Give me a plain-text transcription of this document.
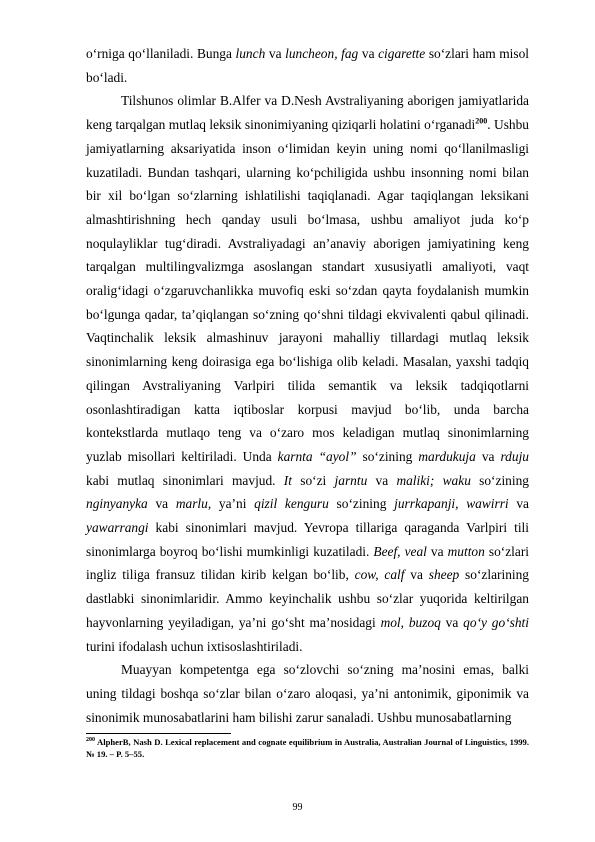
o‘rniga qo‘llaniladi. Bunga lunch va luncheon, fag va cigarette so‘zlari ham misol bo‘ladi.

Tilshunos olimlar B.Alfer va D.Nesh Avstraliyaning aborigen jamiyatlarida keng tarqalgan mutlaq leksik sinonimiyaning qiziqarli holatini o‘rganadi$^{200}$. Ushbu jamiyatlarning aksariyatida inson o‘limidan keyin uning nomi qo‘llanilmasligi kuzatiladi. Bundan tashqari, ularning ko‘pchiligida ushbu insonning nomi bilan bir xil bo‘lgan so‘zlarning ishlatilishi taqiqlanadi. Agar taqiqlangan leksikani almashtirishning hech qanday usuli bo‘lmasa, ushbu amaliyot juda ko‘p noqulayliklar tug‘diradi. Avstraliyadagi an’anaviy aborigen jamiyatining keng tarqalgan multilingvalizmga asoslangan standart xususiyatli amaliyoti, vaqt oralig‘idagi o‘zgaruvchanlikka muvofiq eski so‘zdan qayta foydalanish mumkin bo‘lgunga qadar, ta’qiqlangan so‘zning qo‘shni tildagi ekvivalenti qabul qilinadi. Vaqtinchalik leksik almashinuv jarayoni mahalliy tillardagi mutlaq leksik sinonimlarning keng doirasiga ega bo‘lishiga olib keladi. Masalan, yaxshi tadqiq qilingan Avstraliyaning Varlpiri tilida semantik va leksik tadqiqotlarni osonlashtiradigan katta iqtiboslar korpusi mavjud bo‘lib, unda barcha kontekstlarda mutlaqo teng va o‘zaro mos keladigan mutlaq sinonimlarning yuzlab misollari keltiriladi. Unda karnta “ayol” so‘zining mardukuja va rduju kabi mutlaq sinonimlari mavjud. It so‘zi jarntu va maliki; waku so‘zining nginyanyka va marlu, ya’ni qizil kenguru so‘zining jurrkapanji, wawirri va yawarrangi kabi sinonimlari mavjud. Yevropa tillariga qaraganda Varlpiri tili sinonimlarga boyroq bo‘lishi mumkinligi kuzatiladi. Beef, veal va mutton so‘zlari ingliz tiliga fransuz tilidan kirib kelgan bo‘lib, cow, calf va sheep so‘zlarining dastlabki sinonimlaridir. Ammo keyinchalik ushbu so‘zlar yuqorida keltirilgan hayvonlarning yeyiladigan, ya’ni go‘sht ma’nosidagi mol, buzoq va qo‘y go‘shti turini ifodalash uchun ixtisoslashtiriladi.

Muayyan kompetentga ega so‘zlovchi so‘zning ma’nosini emas, balki uning tildagi boshqa so‘zlar bilan o‘zaro aloqasi, ya’ni antonimik, giponimik va sinonimik munosabatlarini ham bilishi zarur sanaladi. Ushbu munosabatlarning

$^{200}$ AlpherB, Nash D. Lexical replacement and cognate equilibrium in Australia, Australian Journal of Linguistics, 1999. № 19. – P. 5–55.
99
